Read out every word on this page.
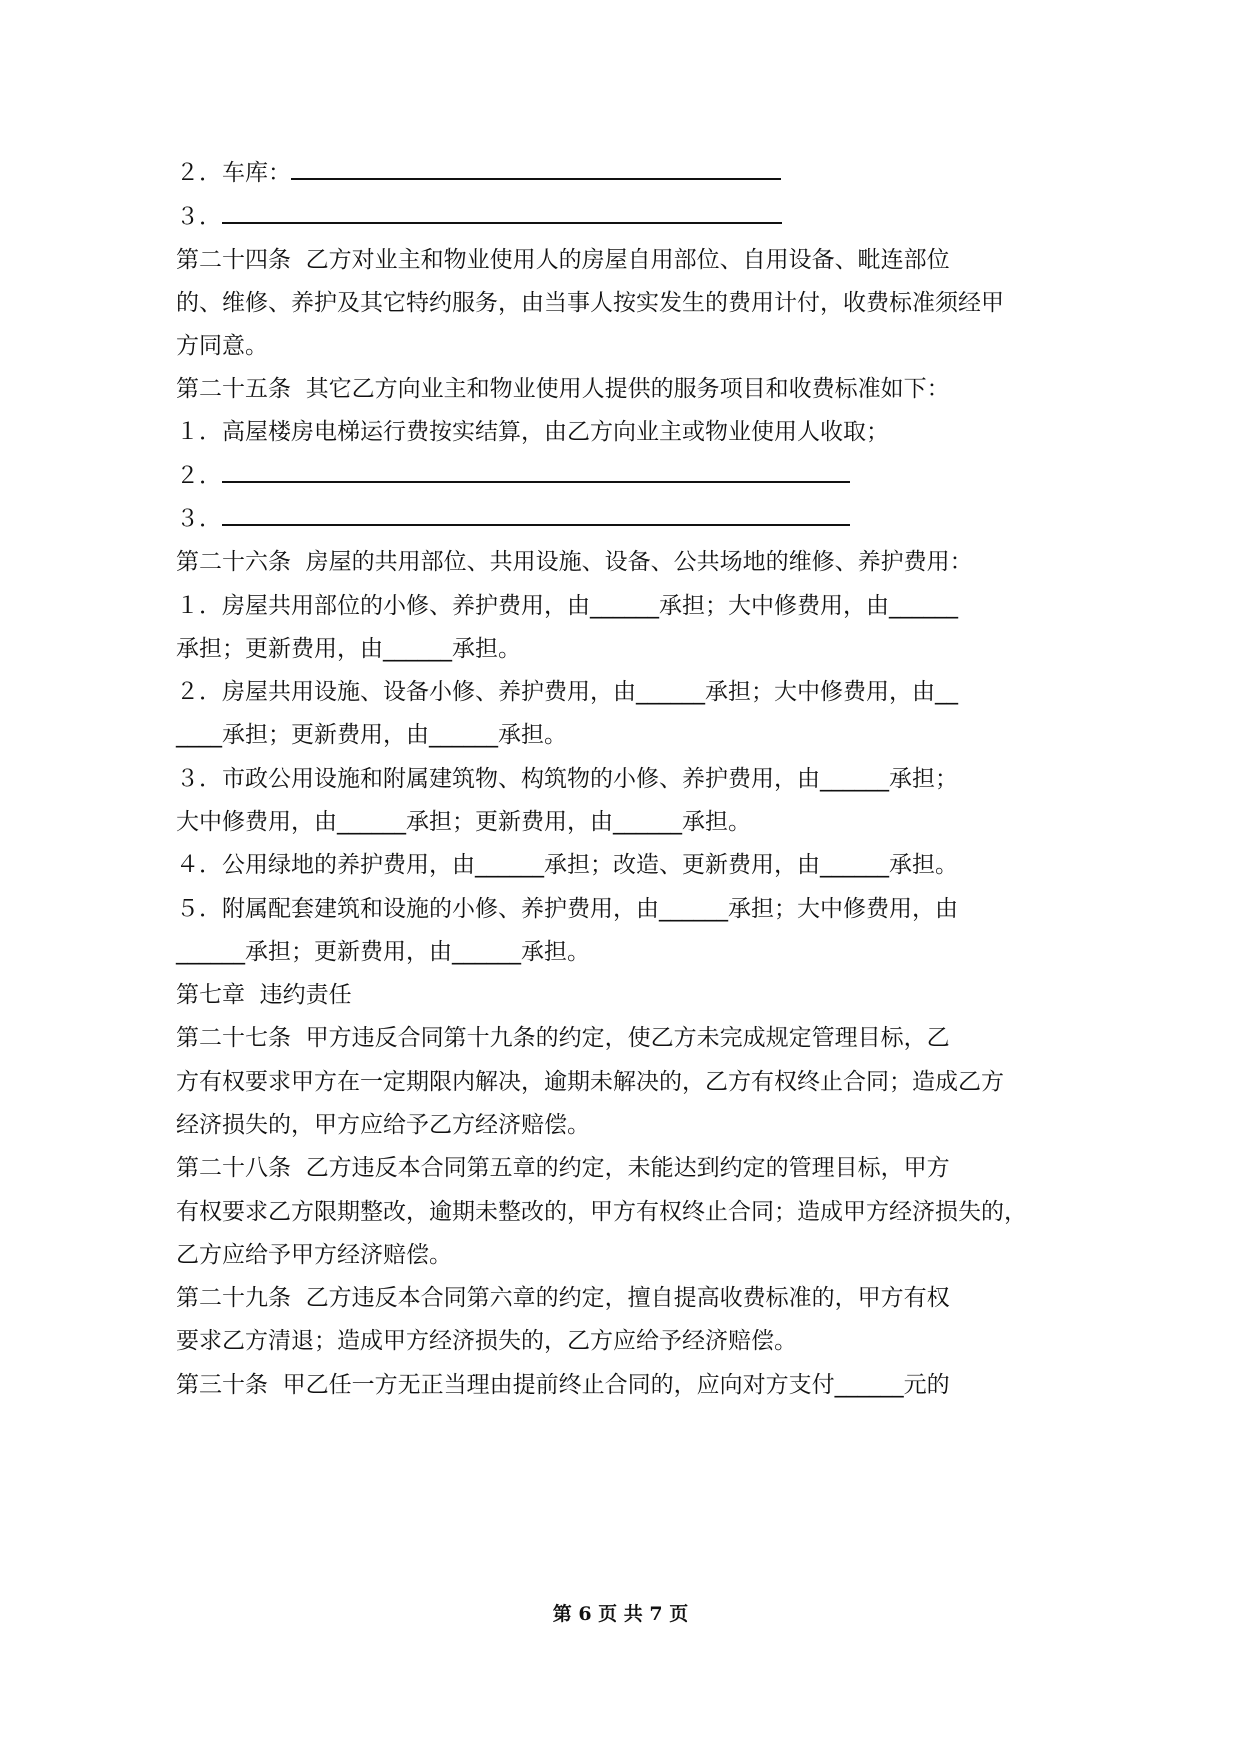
２．车库：
３．
第二十四条  乙方对业主和物业使用人的房屋自用部位、自用设备、毗连部位
的、维修、养护及其它特约服务，由当事人按实发生的费用计付，收费标准须经甲
方同意。
第二十五条  其它乙方向业主和物业使用人提供的服务项目和收费标准如下：
１．高屋楼房电梯运行费按实结算，由乙方向业主或物业使用人收取；
２．
３．
第二十六条  房屋的共用部位、共用设施、设备、公共场地的维修、养护费用：
１．房屋共用部位的小修、养护费用，由______承担；大中修费用，由______
承担；更新费用，由______承担。
２．房屋共用设施、设备小修、养护费用，由______承担；大中修费用，由__
____承担；更新费用，由______承担。
３．市政公用设施和附属建筑物、构筑物的小修、养护费用，由______承担；
大中修费用，由______承担；更新费用，由______承担。
４．公用绿地的养护费用，由______承担；改造、更新费用，由______承担。
５．附属配套建筑和设施的小修、养护费用，由______承担；大中修费用，由
______承担；更新费用，由______承担。
第七章  违约责任
第二十七条  甲方违反合同第十九条的约定，使乙方未完成规定管理目标，乙
方有权要求甲方在一定期限内解决，逾期未解决的，乙方有权终止合同；造成乙方
经济损失的，甲方应给予乙方经济赔偿。
第二十八条  乙方违反本合同第五章的约定，未能达到约定的管理目标，甲方
有权要求乙方限期整改，逾期未整改的，甲方有权终止合同；造成甲方经济损失的，
乙方应给予甲方经济赔偿。
第二十九条  乙方违反本合同第六章的约定，擅自提高收费标准的，甲方有权
要求乙方清退；造成甲方经济损失的，乙方应给予经济赔偿。
第三十条  甲乙任一方无正当理由提前终止合同的，应向对方支付______元的
第 6 页 共 7 页
